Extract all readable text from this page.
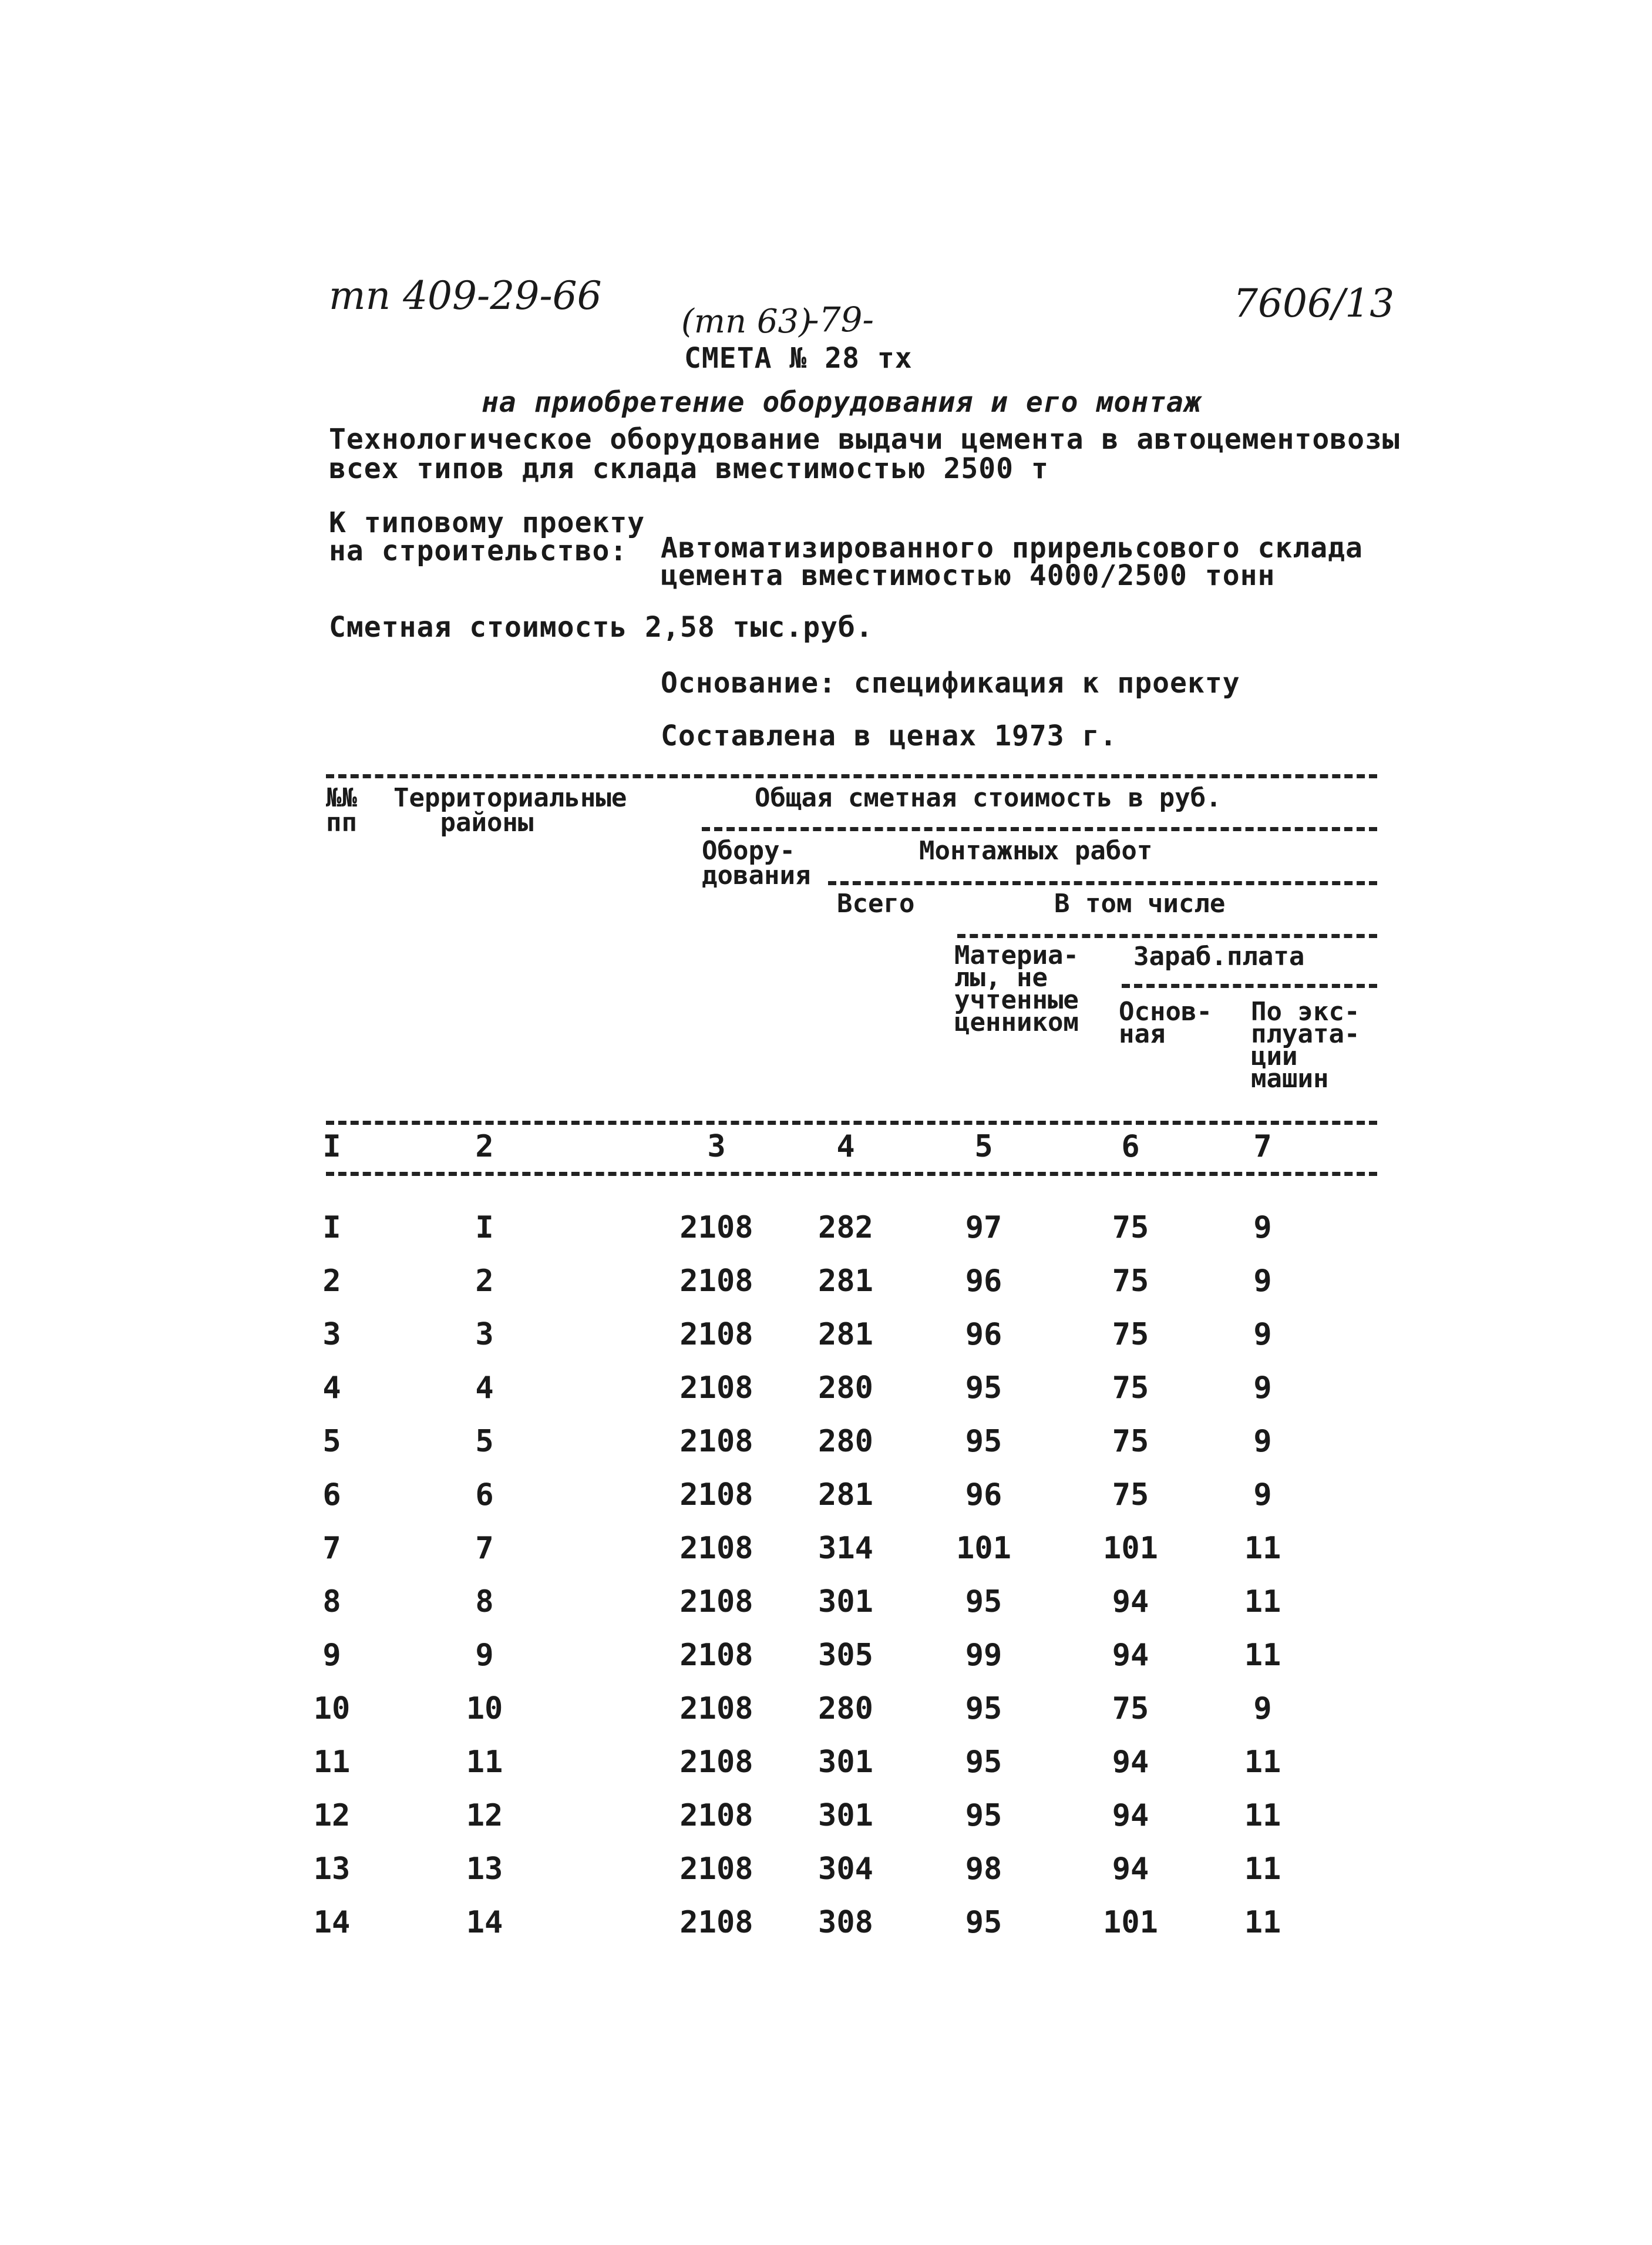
тп 409-29-66
(тп 63)
-79-	7606/13
СМЕТА № 28 тх
на приобретение оборудования и его монтаж
Технологическое оборудование выдачи цемента в автоцементовозы
всех типов для склада вместимостью 2500 т
К типовому проекту
на строительство: Автоматизированного прирельсового склада
цемента вместимостью 4000/2500 тонн
Сметная стоимость 2,58 тыс.руб.
Основание: спецификация к проекту
Составлена в ценах 1973 г.
№№
пп
Территориальные
районы
Общая сметная стоимость в руб.
Обору-
дования
Монтажных работ
Всего	В том числе
Материа-
лы, не
учтенные
ценником
Зараб.плата
Основ-
ная
По экс-
плуата-
ции
машин
I	2	3	4	5	6	7
I	I	2108	282	97	75	9
2	2	2108	281	96	75	9
3	3	2108	281	96	75	9
4	4	2108	280	95	75	9
5	5	2108	280	95	75	9
6	6	2108	281	96	75	9
7	7	2108	314	101	101	11
8	8	2108	301	95	94	11
9	9	2108	305	99	94	11
10	10	2108	280	95	75	9
11	11	2108	301	95	94	11
12	12	2108	301	95	94	11
13	13	2108	304	98	94	11
14	14	2108	308	95	101	11
